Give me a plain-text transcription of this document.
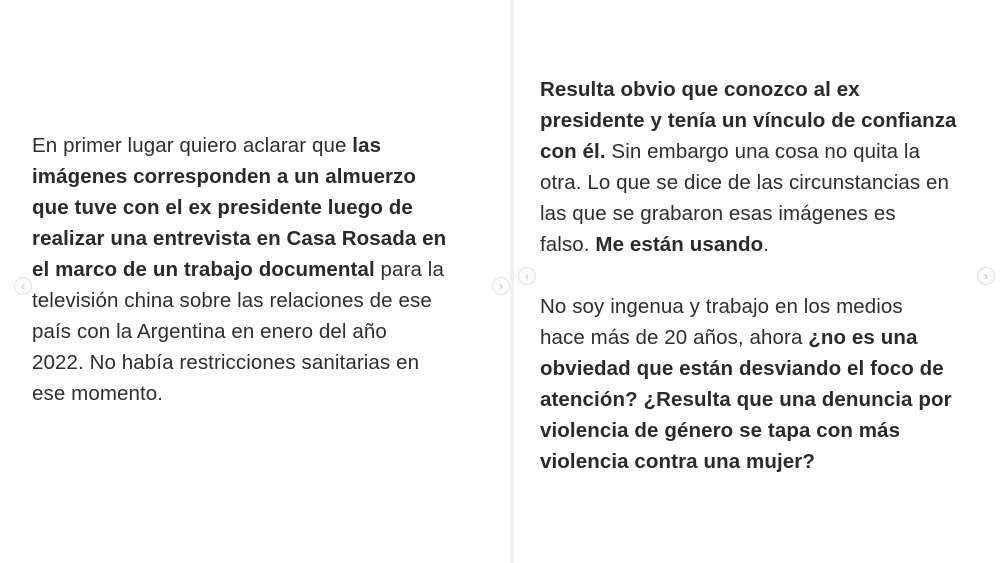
En primer lugar quiero aclarar que las
imágenes corresponden a un almuerzo
que tuve con el ex presidente luego de
realizar una entrevista en Casa Rosada en
el marco de un trabajo documental para la
televisión china sobre las relaciones de ese
país con la Argentina en enero del año
2022. No había restricciones sanitarias en
ese momento.
‹	›
Resulta obvio que conozco al ex
presidente y tenía un vínculo de confianza
con él. Sin embargo una cosa no quita la
otra. Lo que se dice de las circunstancias en
las que se grabaron esas imágenes es
falso. Me están usando.
No soy ingenua y trabajo en los medios
hace más de 20 años, ahora ¿no es una
obviedad que están desviando el foco de
atención? ¿Resulta que una denuncia por
violencia de género se tapa con más
violencia contra una mujer?
‹	›
